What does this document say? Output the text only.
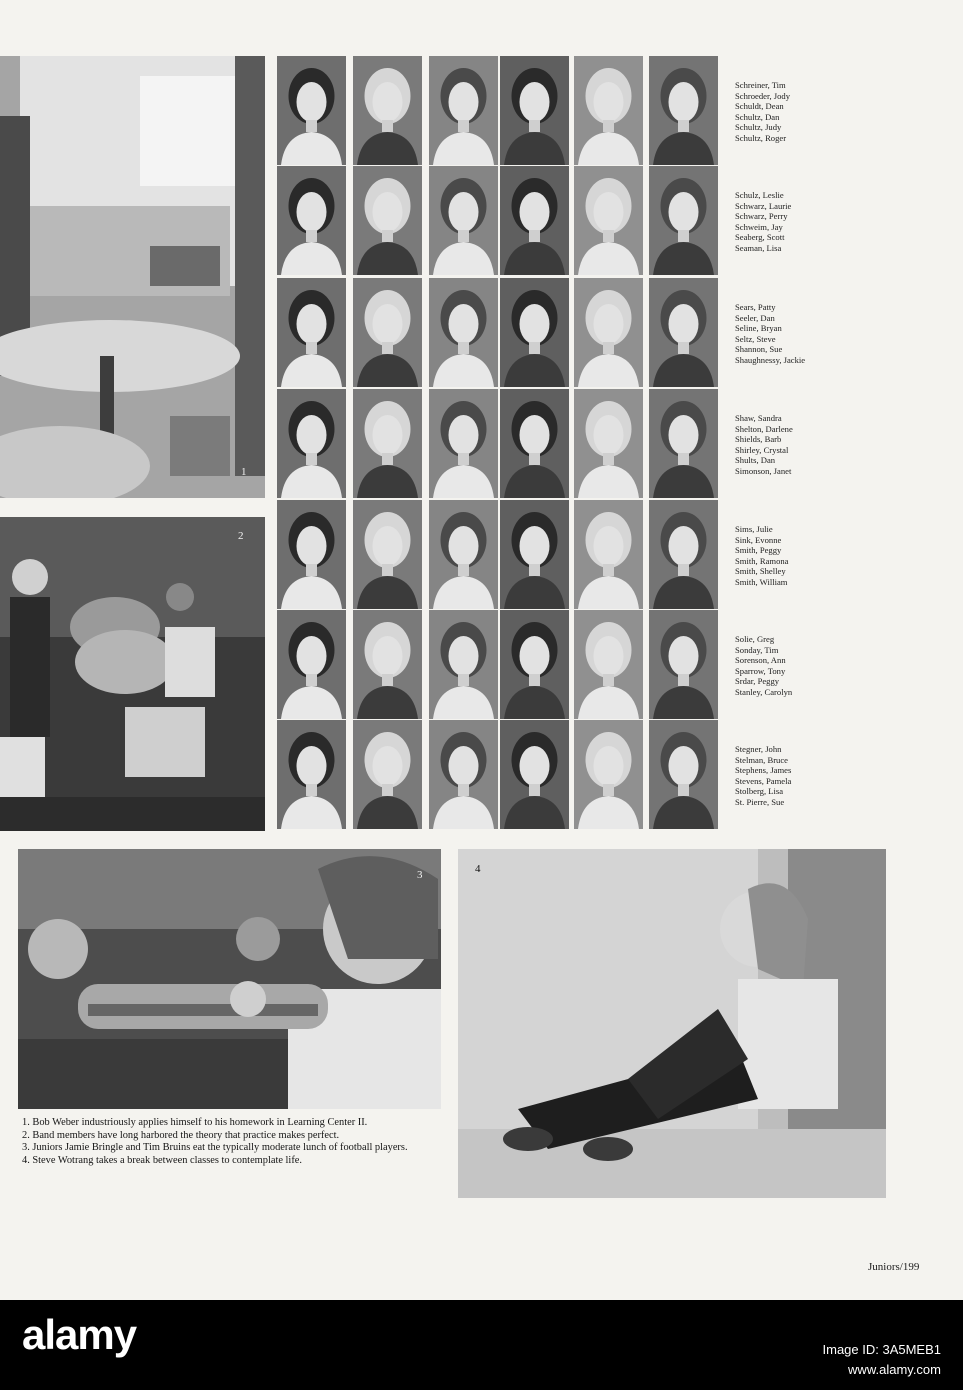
1
2
Schreiner, Tim
Schroeder, Jody
Schuldt, Dean
Schultz, Dan
Schultz, Judy
Schultz, Roger
Schulz, Leslie
Schwarz, Laurie
Schwarz, Perry
Schweim, Jay
Seaberg, Scott
Seaman, Lisa
Sears, Patty
Seeler, Dan
Seline, Bryan
Seltz, Steve
Shannon, Sue
Shaughnessy, Jackie
Shaw, Sandra
Shelton, Darlene
Shields, Barb
Shirley, Crystal
Shults, Dan
Simonson, Janet
Sims, Julie
Sink, Evonne
Smith, Peggy
Smith, Ramona
Smith, Shelley
Smith, William
Solie, Greg
Sonday, Tim
Sorenson, Ann
Sparrow, Tony
Srdar, Peggy
Stanley, Carolyn
Stegner, John
Stelman, Bruce
Stephens, James
Stevens, Pamela
Stolberg, Lisa
St. Pierre, Sue
3	4
1. Bob Weber industriously applies himself to his homework in Learning Center II.
2. Band members have long harbored the theory that practice makes perfect.
3. Juniors Jamie Bringle and Tim Bruins eat the typically moderate lunch of football players.
4. Steve Wotrang takes a break between classes to contemplate life.
Juniors/199
alamy	Image ID: 3A5MEB1
www.alamy.com
